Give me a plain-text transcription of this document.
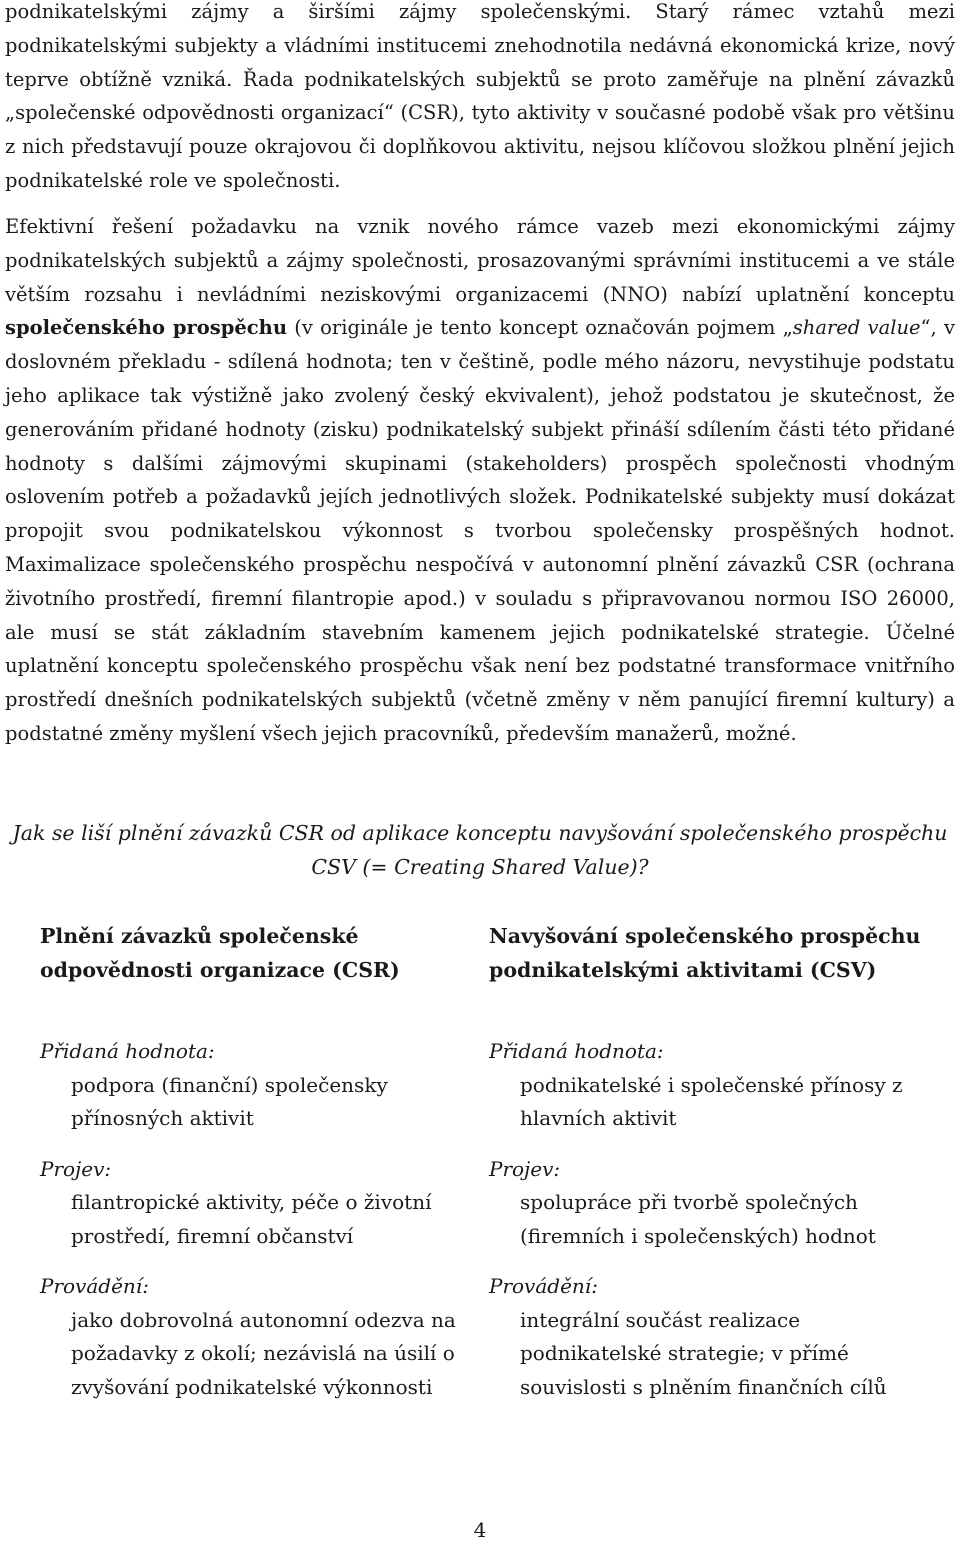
podnikatelskými zájmy a širšími zájmy společenskými. Starý rámec vztahů mezi podnikatelskými subjekty a vládními institucemi znehodnotila nedávná ekonomická krize, nový teprve obtížně vzniká. Řada podnikatelských subjektů se proto zaměřuje na plnění závazků „společenské odpovědnosti organizací“ (CSR), tyto aktivity v současné podobě však pro většinu z nich představují pouze okrajovou či doplňkovou aktivitu, nejsou klíčovou složkou plnění jejich podnikatelské role ve společnosti.

Efektivní řešení požadavku na vznik nového rámce vazeb mezi ekonomickými zájmy podnikatelských subjektů a zájmy společnosti, prosazovanými správními institucemi a ve stále větším rozsahu i nevládními neziskovými organizacemi (NNO) nabízí uplatnění konceptu společenského prospěchu (v originále je tento koncept označován pojmem „shared value“, v doslovném překladu - sdílená hodnota; ten v češtině, podle mého názoru, nevystihuje podstatu jeho aplikace tak výstižně jako zvolený český ekvivalent), jehož podstatou je skutečnost, že generováním přidané hodnoty (zisku) podnikatelský subjekt přináší sdílením části této přidané hodnoty s dalšími zájmovými skupinami (stakeholders) prospěch společnosti vhodným oslovením potřeb a požadavků jejích jednotlivých složek. Podnikatelské subjekty musí dokázat propojit svou podnikatelskou výkonnost s tvorbou společensky prospěšných hodnot. Maximalizace společenského prospěchu nespočívá v autonomní plnění závazků CSR (ochrana životního prostředí, firemní filantropie apod.) v souladu s připravovanou normou ISO 26000, ale musí se stát základním stavebním kamenem jejich podnikatelské strategie. Účelné uplatnění konceptu společenského prospěchu však není bez podstatné transformace vnitřního prostředí dnešních podnikatelských subjektů (včetně změny v něm panující firemní kultury) a podstatné změny myšlení všech jejich pracovníků, především manažerů, možné.

Jak se liší plnění závazků CSR od aplikace konceptu navyšování společenského prospěchu
CSV (= Creating Shared Value)?

Plnění závazků společenské odpovědnosti organizace (CSR)

Přidaná hodnota:

podpora (finanční) společensky přínosných aktivit

Projev:

filantropické aktivity, péče o životní prostředí, firemní občanství

Provádění:

jako dobrovolná autonomní odezva na požadavky z okolí; nezávislá na úsilí o zvyšování podnikatelské výkonnosti

Navyšování společenského prospěchu podnikatelskými aktivitami (CSV)

Přidaná hodnota:

podnikatelské i společenské přínosy z hlavních aktivit

Projev:

spolupráce při tvorbě společných (firemních i společenských) hodnot

Provádění:

integrální součást realizace podnikatelské strategie; v přímé souvislosti s plněním finančních cílů

4
